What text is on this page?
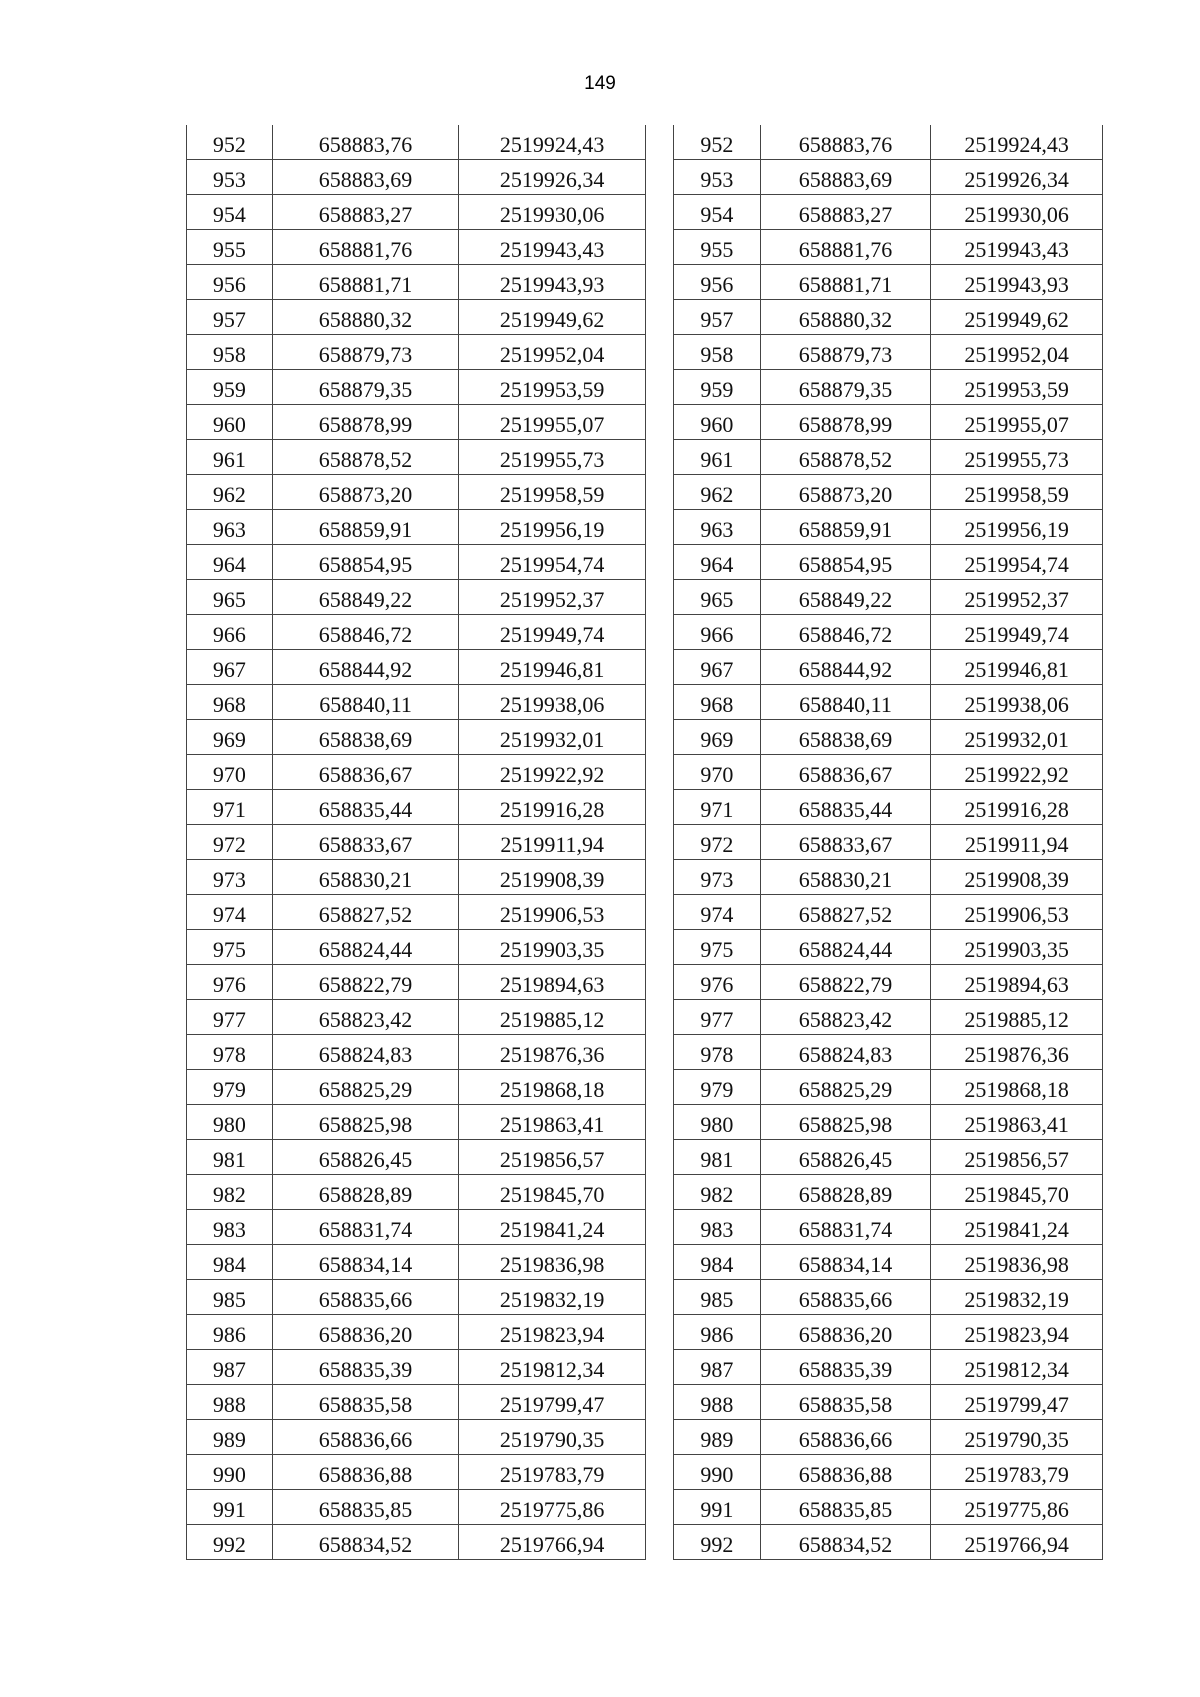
149
952	658883,76	2519924,43
953	658883,69	2519926,34
954	658883,27	2519930,06
955	658881,76	2519943,43
956	658881,71	2519943,93
957	658880,32	2519949,62
958	658879,73	2519952,04
959	658879,35	2519953,59
960	658878,99	2519955,07
961	658878,52	2519955,73
962	658873,20	2519958,59
963	658859,91	2519956,19
964	658854,95	2519954,74
965	658849,22	2519952,37
966	658846,72	2519949,74
967	658844,92	2519946,81
968	658840,11	2519938,06
969	658838,69	2519932,01
970	658836,67	2519922,92
971	658835,44	2519916,28
972	658833,67	2519911,94
973	658830,21	2519908,39
974	658827,52	2519906,53
975	658824,44	2519903,35
976	658822,79	2519894,63
977	658823,42	2519885,12
978	658824,83	2519876,36
979	658825,29	2519868,18
980	658825,98	2519863,41
981	658826,45	2519856,57
982	658828,89	2519845,70
983	658831,74	2519841,24
984	658834,14	2519836,98
985	658835,66	2519832,19
986	658836,20	2519823,94
987	658835,39	2519812,34
988	658835,58	2519799,47
989	658836,66	2519790,35
990	658836,88	2519783,79
991	658835,85	2519775,86
992	658834,52	2519766,94
952	658883,76	2519924,43
953	658883,69	2519926,34
954	658883,27	2519930,06
955	658881,76	2519943,43
956	658881,71	2519943,93
957	658880,32	2519949,62
958	658879,73	2519952,04
959	658879,35	2519953,59
960	658878,99	2519955,07
961	658878,52	2519955,73
962	658873,20	2519958,59
963	658859,91	2519956,19
964	658854,95	2519954,74
965	658849,22	2519952,37
966	658846,72	2519949,74
967	658844,92	2519946,81
968	658840,11	2519938,06
969	658838,69	2519932,01
970	658836,67	2519922,92
971	658835,44	2519916,28
972	658833,67	2519911,94
973	658830,21	2519908,39
974	658827,52	2519906,53
975	658824,44	2519903,35
976	658822,79	2519894,63
977	658823,42	2519885,12
978	658824,83	2519876,36
979	658825,29	2519868,18
980	658825,98	2519863,41
981	658826,45	2519856,57
982	658828,89	2519845,70
983	658831,74	2519841,24
984	658834,14	2519836,98
985	658835,66	2519832,19
986	658836,20	2519823,94
987	658835,39	2519812,34
988	658835,58	2519799,47
989	658836,66	2519790,35
990	658836,88	2519783,79
991	658835,85	2519775,86
992	658834,52	2519766,94
